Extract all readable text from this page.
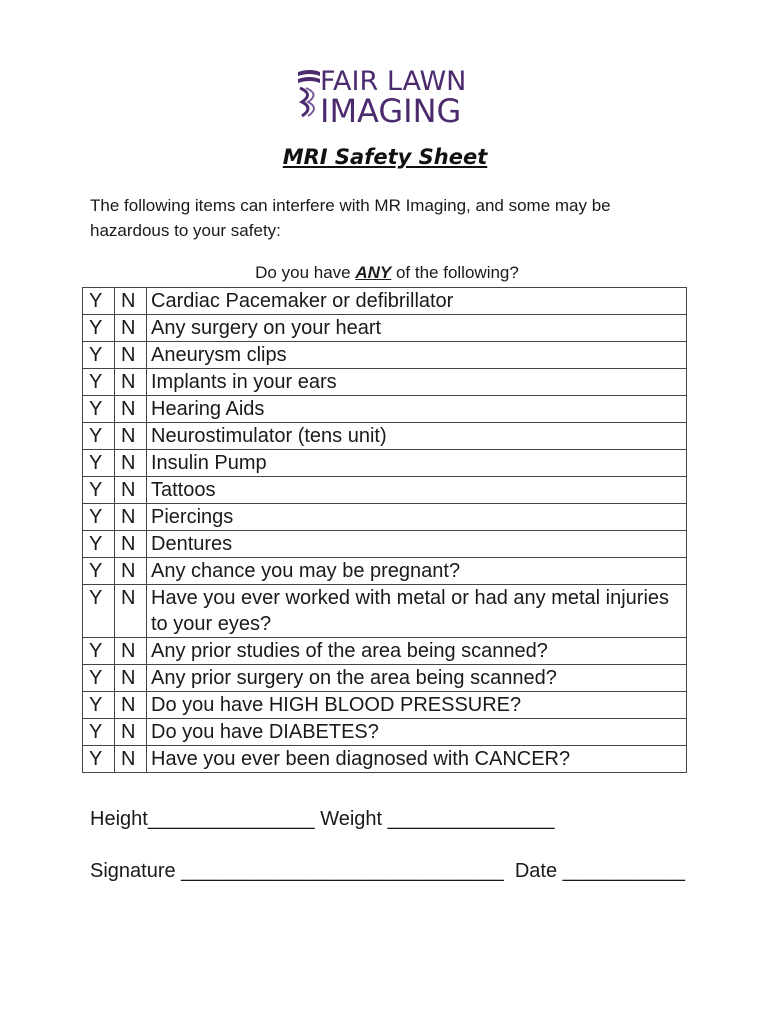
FAIR LAWN
IMAGING
MRI Safety Sheet
The following items can interfere with MR Imaging, and some may be hazardous to your safety:
Do you have ANY of the following?
Y	N	Cardiac Pacemaker or defibrillator
Y	N	Any surgery on your heart
Y	N	Aneurysm clips
Y	N	Implants in your ears
Y	N	Hearing Aids
Y	N	Neurostimulator (tens unit)
Y	N	Insulin Pump
Y	N	Tattoos
Y	N	Piercings
Y	N	Dentures
Y	N	Any chance you may be pregnant?
Y	N	Have you ever worked with metal or had any metal injuries to your eyes?
Y	N	Any prior studies of the area being scanned?
Y	N	Any prior surgery on the area being scanned?
Y	N	Do you have HIGH BLOOD PRESSURE?
Y	N	Do you have DIABETES?
Y	N	Have you ever been diagnosed with CANCER?
Height_______________ Weight _______________
Signature _____________________________  Date ___________
